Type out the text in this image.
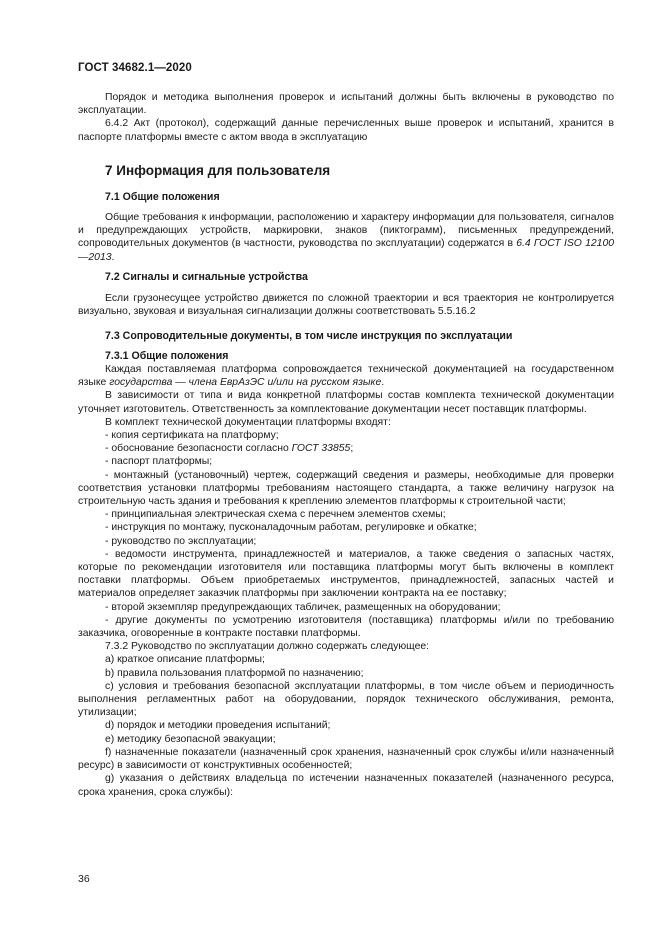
ГОСТ 34682.1—2020

Порядок и методика выполнения проверок и испытаний должны быть включены в руководство по эксплуатации.

6.4.2 Акт (протокол), содержащий данные перечисленных выше проверок и испытаний, хранится в паспорте платформы вместе с актом ввода в эксплуатацию

7 Информация для пользователя
7.1 Общие положения

Общие требования к информации, расположению и характеру информации для пользователя, сигналов и предупреждающих устройств, маркировки, знаков (пиктограмм), письменных предупреждений, сопроводительных документов (в частности, руководства по эксплуатации) содержатся в 6.4 ГОСТ ISO 12100—2013.

7.2 Сигналы и сигнальные устройства

Если грузонесущее устройство движется по сложной траектории и вся траектория не контролируется визуально, звуковая и визуальная сигнализации должны соответствовать 5.5.16.2

7.3 Сопроводительные документы, в том числе инструкция по эксплуатации
7.3.1 Общие положения

Каждая поставляемая платформа сопровождается технической документацией на государственном языке государства — члена ЕврАзЭС и/или на русском языке.

В зависимости от типа и вида конкретной платформы состав комплекта технической документации уточняет изготовитель. Ответственность за комплектование документации несет поставщик платформы.

В комплект технической документации платформы входят:

- копия сертификата на платформу;

- обоснование безопасности согласно ГОСТ 33855;

- паспорт платформы;

- монтажный (установочный) чертеж, содержащий сведения и размеры, необходимые для проверки соответствия установки платформы требованиям настоящего стандарта, а также величину нагрузок на строительную часть здания и требования к креплению элементов платформы к строительной части;

- принципиальная электрическая схема с перечнем элементов схемы;

- инструкция по монтажу, пусконаладочным работам, регулировке и обкатке;

- руководство по эксплуатации;

- ведомости инструмента, принадлежностей и материалов, а также сведения о запасных частях, которые по рекомендации изготовителя или поставщика платформы могут быть включены в комплект поставки платформы. Объем приобретаемых инструментов, принадлежностей, запасных частей и материалов определяет заказчик платформы при заключении контракта на ее поставку;

- второй экземпляр предупреждающих табличек, размещенных на оборудовании;

- другие документы по усмотрению изготовителя (поставщика) платформы и/или по требованию заказчика, оговоренные в контракте поставки платформы.

7.3.2 Руководство по эксплуатации должно содержать следующее:

a) краткое описание платформы;

b) правила пользования платформой по назначению;

c) условия и требования безопасной эксплуатации платформы, в том числе объем и периодичность выполнения регламентных работ на оборудовании, порядок технического обслуживания, ремонта, утилизации;

d) порядок и методики проведения испытаний;

e) методику безопасной эвакуации;

f) назначенные показатели (назначенный срок хранения, назначенный срок службы и/или назначенный ресурс) в зависимости от конструктивных особенностей;

g) указания о действиях владельца по истечении назначенных показателей (назначенного ресурса, срока хранения, срока службы):

36
